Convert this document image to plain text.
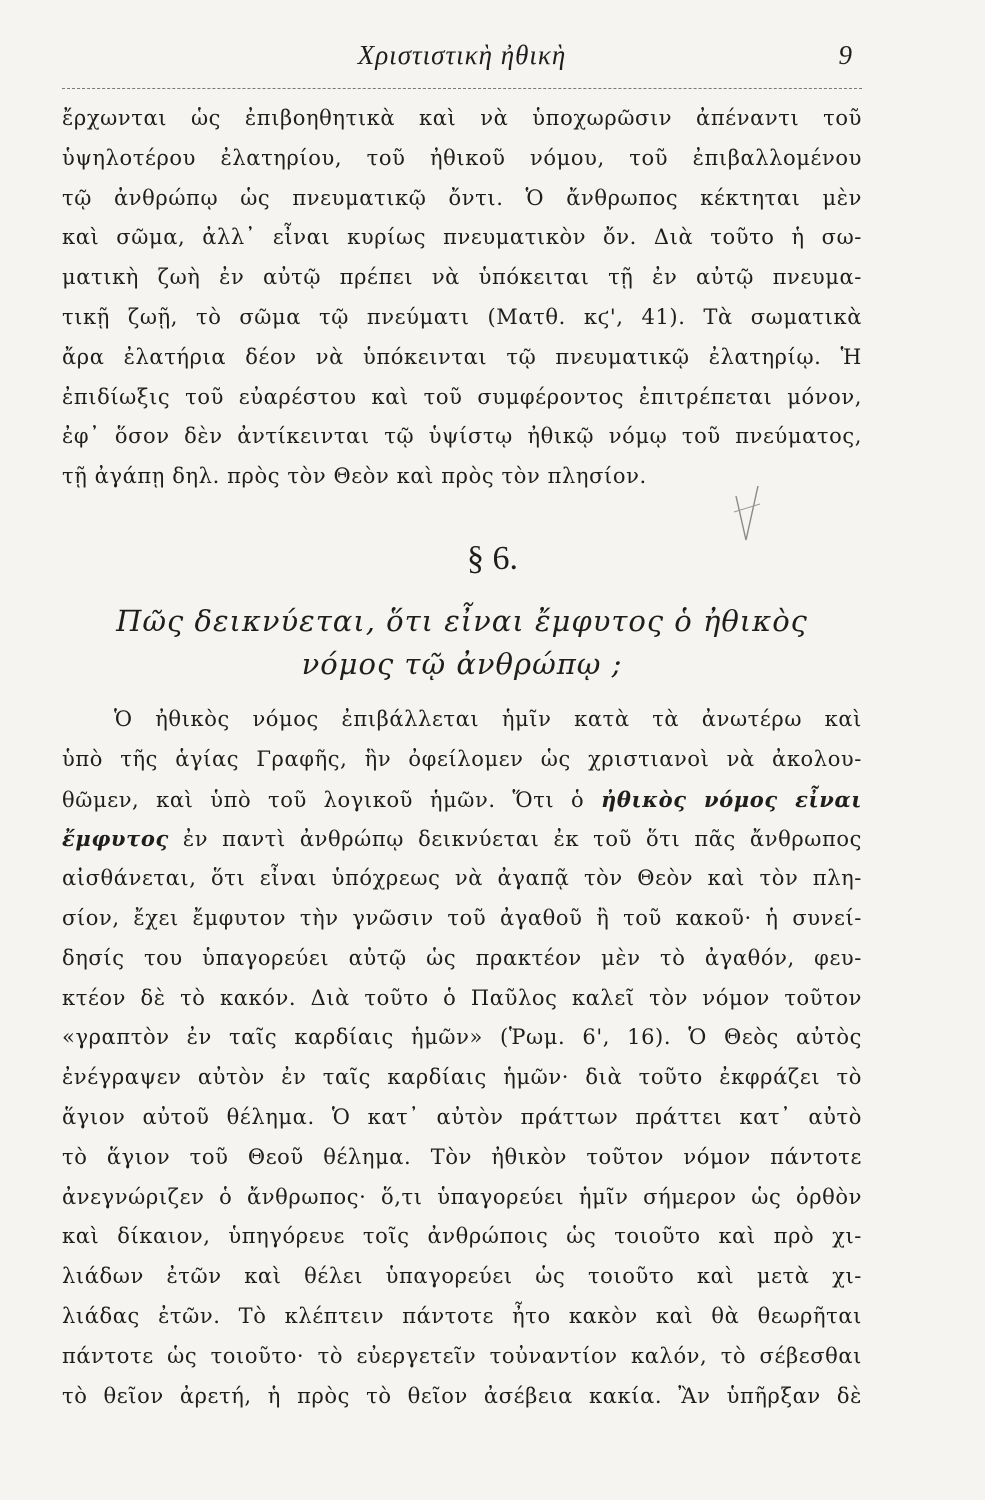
Χριστιστικὴ ἠθικὴ	9
ἔρχωνται ὡς ἐπιβοηθητικὰ καὶ νὰ ὑποχωρῶσιν ἀπέναντι τοῦ
ὑψηλοτέρου ἐλατηρίου, τοῦ ἠθικοῦ νόμου, τοῦ ἐπιβαλλομένου
τῷ ἀνθρώπῳ ὡς πνευματικῷ ὄντι. Ὁ ἄνθρωπος κέκτηται μὲν
καὶ σῶμα, ἀλλ᾿ εἶναι κυρίως πνευματικὸν ὄν. Διὰ τοῦτο ἡ σω-
ματικὴ ζωὴ ἐν αὐτῷ πρέπει νὰ ὑπόκειται τῇ ἐν αὐτῷ πνευμα-
τικῇ ζωῇ, τὸ σῶμα τῷ πνεύματι (Ματθ. κϛ', 41). Τὰ σωματικὰ
ἄρα ἐλατήρια δέον νὰ ὑπόκεινται τῷ πνευματικῷ ἐλατηρίῳ. Ἡ
ἐπιδίωξις τοῦ εὐαρέστου καὶ τοῦ συμφέροντος ἐπιτρέπεται μόνον,
ἐφ᾿ ὅσον δὲν ἀντίκεινται τῷ ὑψίστῳ ἠθικῷ νόμῳ τοῦ πνεύματος,
τῇ ἀγάπῃ δηλ. πρὸς τὸν Θεὸν καὶ πρὸς τὸν πλησίον.
§ 6.
Πῶς δεικνύεται, ὅτι εἶναι ἔμφυτος ὁ ἠθικὸς
νόμος τῷ ἀνθρώπῳ ;
Ὁ ἠθικὸς νόμος ἐπιβάλλεται ἡμῖν κατὰ τὰ ἀνωτέρω καὶ
ὑπὸ τῆς ἁγίας Γραφῆς, ἣν ὀφείλομεν ὡς χριστιανοὶ νὰ ἀκολου-
θῶμεν, καὶ ὑπὸ τοῦ λογικοῦ ἡμῶν. Ὅτι ὁ ἠθικὸς νόμος εἶναι
ἔμφυτος ἐν παντὶ ἀνθρώπῳ δεικνύεται ἐκ τοῦ ὅτι πᾶς ἄνθρωπος
αἰσθάνεται, ὅτι εἶναι ὑπόχρεως νὰ ἀγαπᾷ τὸν Θεὸν καὶ τὸν πλη-
σίον, ἔχει ἔμφυτον τὴν γνῶσιν τοῦ ἀγαθοῦ ἢ τοῦ κακοῦ· ἡ συνεί-
δησίς του ὑπαγορεύει αὐτῷ ὡς πρακτέον μὲν τὸ ἀγαθόν, φευ-
κτέον δὲ τὸ κακόν. Διὰ τοῦτο ὁ Παῦλος καλεῖ τὸν νόμον τοῦτον
«γραπτὸν ἐν ταῖς καρδίαις ἡμῶν» (Ῥωμ. 6', 16). Ὁ Θεὸς αὐτὸς
ἐνέγραψεν αὐτὸν ἐν ταῖς καρδίαις ἡμῶν· διὰ τοῦτο ἐκφράζει τὸ
ἅγιον αὐτοῦ θέλημα. Ὁ κατ᾿ αὐτὸν πράττων πράττει κατ᾿ αὐτὸ
τὸ ἅγιον τοῦ Θεοῦ θέλημα. Τὸν ἠθικὸν τοῦτον νόμον πάντοτε
ἀνεγνώριζεν ὁ ἄνθρωπος· ὅ,τι ὑπαγορεύει ἡμῖν σήμερον ὡς ὀρθὸν
καὶ δίκαιον, ὑπηγόρευε τοῖς ἀνθρώποις ὡς τοιοῦτο καὶ πρὸ χι-
λιάδων ἐτῶν καὶ θέλει ὑπαγορεύει ὡς τοιοῦτο καὶ μετὰ χι-
λιάδας ἐτῶν. Τὸ κλέπτειν πάντοτε ἦτο κακὸν καὶ θὰ θεωρῆται
πάντοτε ὡς τοιοῦτο· τὸ εὐεργετεῖν τοὐναντίον καλόν, τὸ σέβεσθαι
τὸ θεῖον ἀρετή, ἡ πρὸς τὸ θεῖον ἀσέβεια κακία. Ἂν ὑπῆρξαν δὲ
